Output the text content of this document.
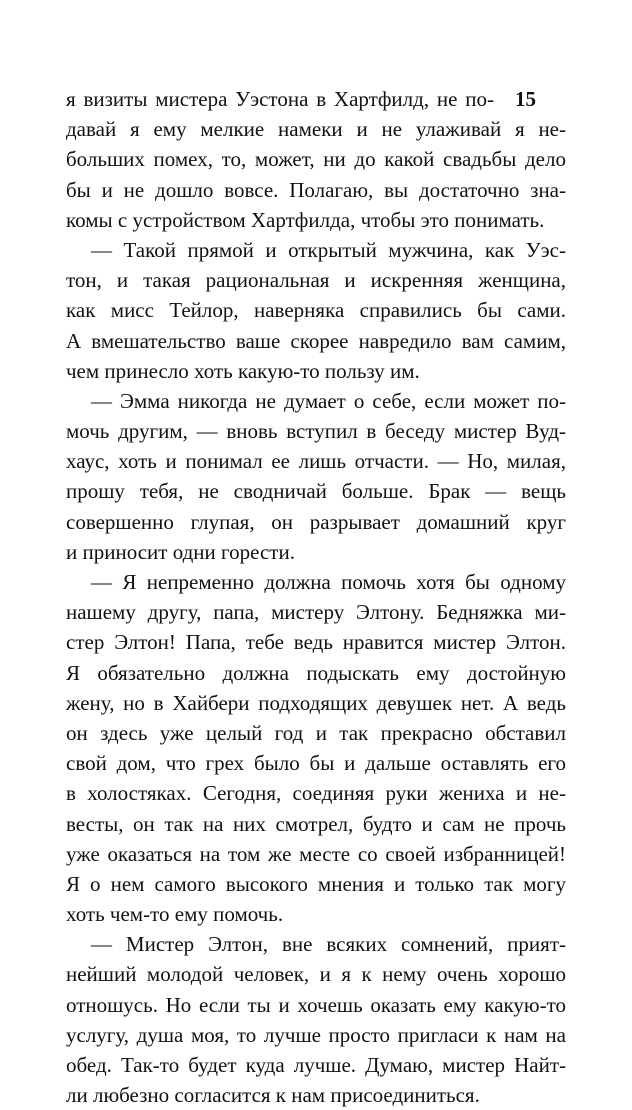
15
я визиты мистера Уэстона в Хартфилд, не по-
давай я ему мелкие намеки и не улаживай я не-
больших помех, то, может, ни до какой свадьбы дело
бы и не дошло вовсе. Полагаю, вы достаточно зна-
комы с устройством Хартфилда, чтобы это понимать.
— Такой прямой и открытый мужчина, как Уэс-
тон, и такая рациональная и искренняя женщина,
как мисс Тейлор, наверняка справились бы сами.
А вмешательство ваше скорее навредило вам самим,
чем принесло хоть какую-то пользу им.
— Эмма никогда не думает о себе, если может по-
мочь другим, — вновь вступил в беседу мистер Вуд-
хаус, хоть и понимал ее лишь отчасти. — Но, милая,
прошу тебя, не сводничай больше. Брак — вещь
совершенно глупая, он разрывает домашний круг
и приносит одни горести.
— Я непременно должна помочь хотя бы одному
нашему другу, папа, мистеру Элтону. Бедняжка ми-
стер Элтон! Папа, тебе ведь нравится мистер Элтон.
Я обязательно должна подыскать ему достойную
жену, но в Хайбери подходящих девушек нет. А ведь
он здесь уже целый год и так прекрасно обставил
свой дом, что грех было бы и дальше оставлять его
в холостяках. Сегодня, соединяя руки жениха и не-
весты, он так на них смотрел, будто и сам не прочь
уже оказаться на том же месте со своей избранницей!
Я о нем самого высокого мнения и только так могу
хоть чем-то ему помочь.
— Мистер Элтон, вне всяких сомнений, прият-
нейший молодой человек, и я к нему очень хорошо
отношусь. Но если ты и хочешь оказать ему какую-то
услугу, душа моя, то лучше просто пригласи к нам на
обед. Так-то будет куда лучше. Думаю, мистер Найт-
ли любезно согласится к нам присоединиться.
